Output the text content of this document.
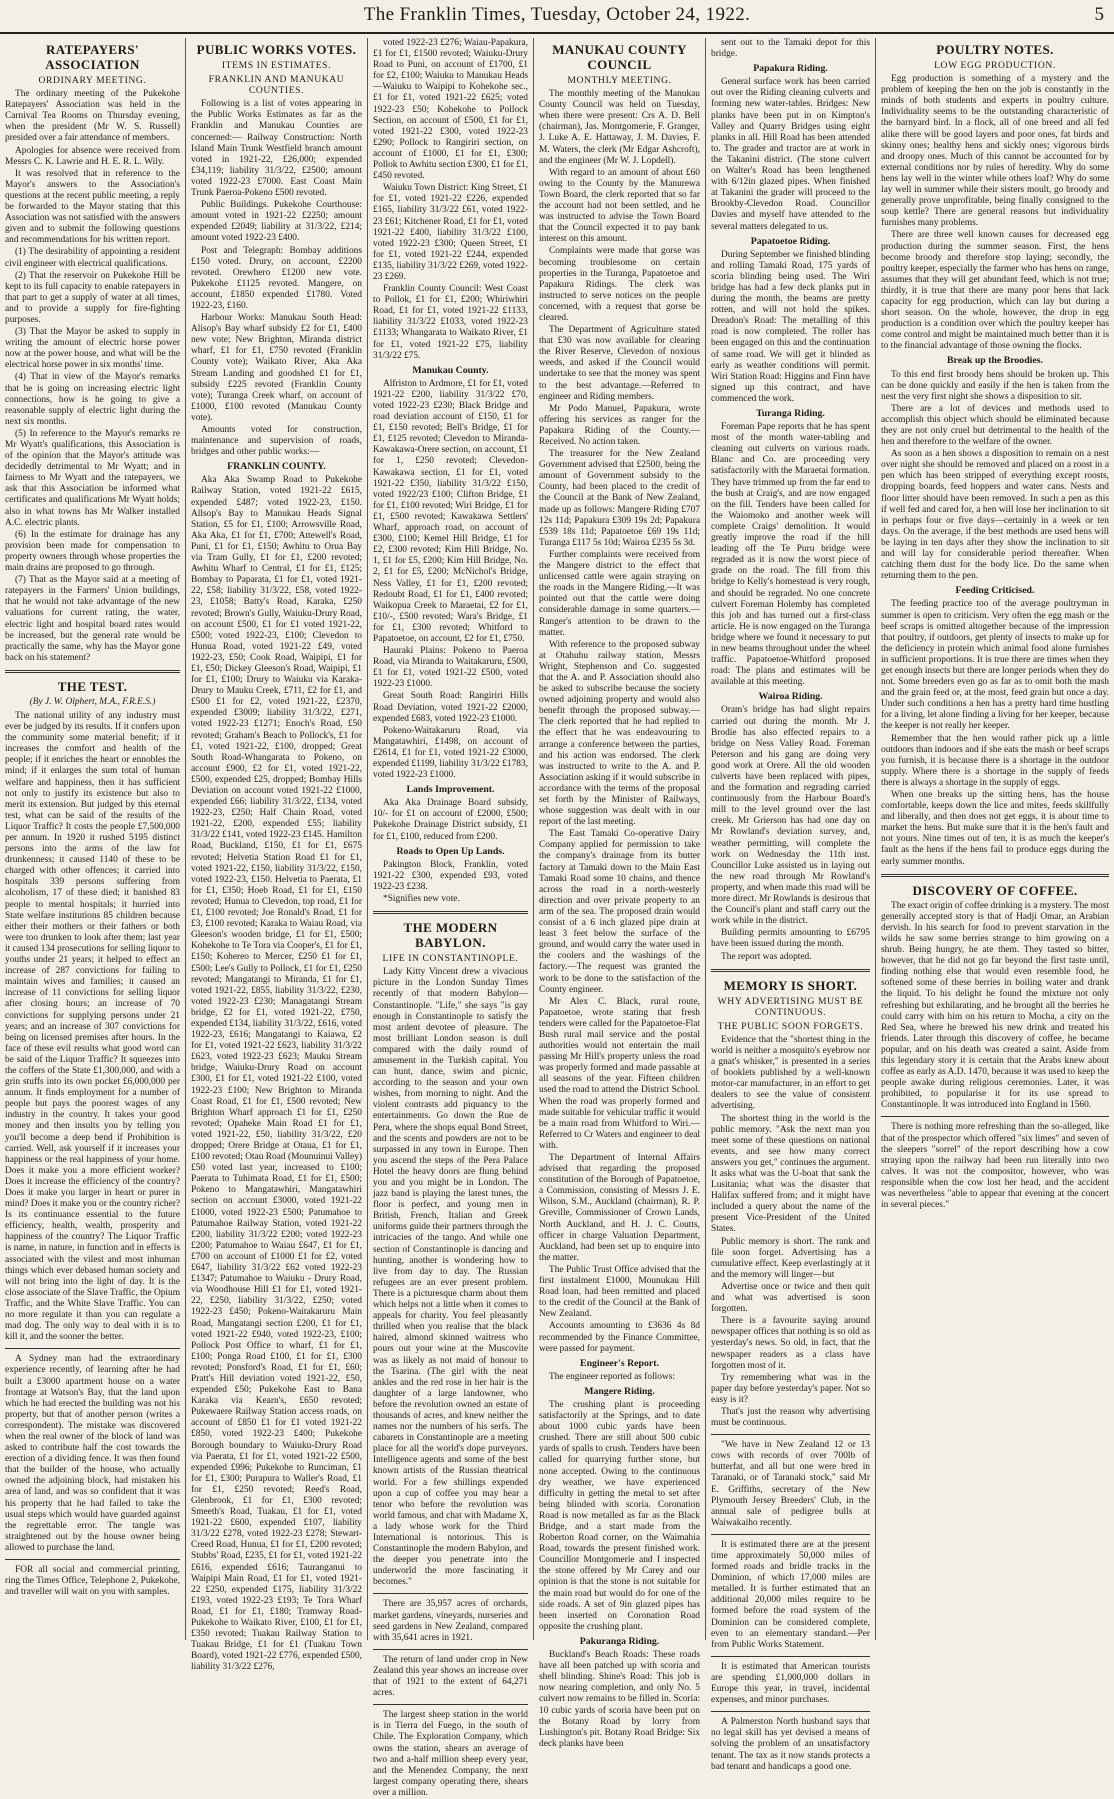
The Franklin Times, Tuesday, October 24, 1922.	5
RATEPAYERS' ASSOCIATION
ORDINARY MEETING.

The ordinary meeting of the Pukekohe Ratepayers' Association was held in the Carnival Tea Rooms on Thursday evening, when the president (Mr W. S. Russell) presided over a fair attendance of members.

Apologies for absence were received from Messrs C. K. Lawrie and H. E. R. L. Wily.

It was resolved that in reference to the Mayor's answers to the Association's questions at the recent public meeting, a reply be forwarded to the Mayor stating that this Association was not satisfied with the answers given and to submit the following questions and recommendations for his written report.

(1) The desirability of appointing a resident civil engineer with electrical qualifications.

(2) That the reservoir on Pukekohe Hill be kept to its full capacity to enable ratepayers in that part to get a supply of water at all times, and to provide a supply for fire-fighting purposes.

(3) That the Mayor be asked to supply in writing the amount of electric horse power now at the power house, and what will be the electrical horse power in six months' time.

(4) That in view of the Mayor's remarks that he is going on increasing electric light connections, how is he going to give a reasonable supply of electric light during the next six months.

(5) In reference to the Mayor's remarks re Mr Wyatt's qualifications, this Association is of the opinion that the Mayor's attitude was decidedly detrimental to Mr Wyatt; and in fairness to Mr Wyatt and the ratepayers, we ask that this Association be informed what certificates and qualifications Mr Wyatt holds; also in what towns has Mr Walker installed A.C. electric plants.

(6) In the estimate for drainage has any provision been made for compensation to property owners through whose properties the main drains are proposed to go through.

(7) That as the Mayor said at a meeting of ratepayers in the Farmers' Union buildings, that he would not take advantage of the new valuations for current rating, the water, electric light and hospital board rates would be increased, but the general rate would be practically the same, why has the Mayor gone back on his statement?

THE TEST.
(By J. W. Olphert, M.A., F.R.E.S.)

The national utility of any industry must ever be judged by its results. If it confers upon the community some material benefit; if it increases the comfort and health of the people; if it enriches the heart or ennobles the mind; if it enlarges the sum total of human welfare and happiness, then it has sufficient not only to justify its existence but also to merit its extension. But judged by this eternal test, what can be said of the results of the Liquor Traffic? It costs the people £7,500,000 per annum. In 1920 it rushed 5195 distinct persons into the arms of the law for drunkenness; it caused 1140 of these to be charged with other offences; it carried into hospitals 339 persons suffering from alcoholism, 17 of these died; it banished 83 people to mental hospitals; it hurried into State welfare institutions 85 children because either their mothers or their fathers or both were too drunken to look after them; last year it caused 134 prosecutions for selling liquor to youths under 21 years; it helped to effect an increase of 287 convictions for failing to maintain wives and families; it caused an increase of 11 convictions for selling liquor after closing hours; an increase of 70 convictions for supplying persons under 21 years; and an increase of 307 convictions for being on licensed premises after hours. In the face of these evil results what good word can be said of the Liquor Traffic? It squeezes into the coffers of the State £1,300,000, and with a grin stuffs into its own pocket £6,000,000 per annum. It finds employment for a number of people but pays the poorest wages of any industry in the country. It takes your good money and then insults you by telling you you'll become a deep bend if Prohibition is carried. Well, ask yourself if it increases your happiness or the real happiness of your home. Does it make you a more efficient worker? Does it increase the efficiency of the country? Does it make you larger in heart or purer in mind? Does it make you or the country richer? Is its continuance essential to the future efficiency, health, wealth, prosperity and happiness of the country? The Liquor Traffic is name, in nature, in function and in effects is associated with the vilest and most inhuman things which ever debased human society and will not bring into the light of day. It is the close associate of the Slave Traffic, the Opium Traffic, and the White Slave Traffic. You can no more regulate it than you can regulate a mad dog. The only way to deal with it is to kill it, and the sooner the better.

A Sydney man had the extraordinary experience recently, of learning after he had built a £3000 apartment house on a water frontage at Watson's Bay, that the land upon which he had erected the building was not his property, but that of another person (writes a correspondent). The mistake was discovered when the real owner of the block of land was asked to contribute half the cost towards the erection of a dividing fence. It was then found that the builder of the house, who actually owned the adjoining block, had mistaken his area of land, and was so confident that it was his property that he had failed to take the usual steps which would have guarded against the regrettable error. The tangle was straightened out by the house owner being allowed to purchase the land.

FOR all social and commercial printing, ring the Times Office, Telephone 2, Pukekohe, and traveller will wait on you with samples.

PUBLIC WORKS VOTES.
ITEMS IN ESTIMATES.
FRANKLIN AND MANUKAU COUNTIES.

Following is a list of votes appearing in the Public Works Estimates as far as the Franklin and Manukau Counties are concerned:— Railway Construction: North Island Main Trunk Westfield branch amount voted in 1921-22, £26,000; expended £34,119; liability 31/3/22, £2500; amount voted 1922-23 £7000. East Coast Main Trunk Paeroa-Pokeno £500 revoted.

Public Buildings. Pukekohe Courthouse: amount voted in 1921-22 £2250; amount expended £2049; liability at 31/3/22, £214; amount voted 1922-23 £400.

Post and Telegraph: Bombay additions £150 voted. Drury, on account, £2200 revoted. Orewhero £1200 new vote. Pukekohe £1125 revoted. Mangere, on account, £1850 expended £1780. Voted 1922-23, £160.

Harbour Works: Manukau South Head: Alisop's Bay wharf subsidy £2 for £1, £400 new vote; New Brighton, Miranda district wharf, £1 for £1, £750 revoted (Franklin County vote); Waikato River, Aka Aka Stream Landing and goodshed £1 for £1, subsidy £225 revoted (Franklin County vote); Turanga Creek wharf, on account of £1000, £100 revoted (Manukau County vote).

Amounts voted for construction, maintenance and supervision of roads, bridges and other public works:—

FRANKLIN COUNTY.

Aka Aka Swamp Road to Pukekohe Railway Station, voted 1921-22 £615, expended £487; voted 1922-23, £150. Allsop's Bay to Manukau Heads Signal Station, £5 for £1, £100; Arrowsville Road, Aka Aka, £1 for £1, £700; Attewell's Road, Puni, £1 for £1, £150; Awhitu to Orua Bay via Tram Gully, £1 for £1, £200 revoted; Awhitu Wharf to Central, £1 for £1, £125; Bombay to Paparata, £1 for £1, voted 1921-22, £58; liability 31/3/22, £58, voted 1922-23, £1058; Batty's Road, Karaka, £250 revoted; Brown's Gully, Waiuku-Drury Road, on account £500, £1 for £1 voted 1921-22, £500; voted 1922-23, £100; Clevedon to Hunua Road, voted 1921-22 £49, voted 1922-23, £50; Cook Road, Waipipi, £1 for £1, £50; Dickey Gleeson's Road, Waipipi, £1 for £1, £100; Drury to Waiuku via Karaka-Drury to Mauku Creek, £711, £2 for £1, and £500 £1 for £2, voted 1921-22, £2370, expended £3009; liability 31/3/22, £271, voted 1922-23 £1271; Enoch's Road, £50 revoted; Graham's Beach to Pollock's, £1 for £1, voted 1921-22, £100, dropped; Great South Road-Whangarata to Pokeno, on account £900, £2 for £1, voted 1921-22, £500, expended £25, dropped; Bombay Hills Deviation on account voted 1921-22 £1000, expended £66; liability 31/3/22, £134, voted 1922-23, £250; Half Chain Road, voted 1921-22, £200, expended £55; liability 31/3/22 £141, voted 1922-23 £145. Hamilton Road, Buckland, £150, £1 for £1, £675 revoted; Helvetia Station Road £1 for £1, voted 1921-22, £150, liability 31/3/22, £150, voted 1922-23, £150. Helvetia to Paerata, £1 for £1, £350; Hoeb Road, £1 for £1, £150 revoted; Hunua to Clevedon, top road, £1 for £1, £100 revoted; Joe Ronald's Road, £1 for £3, £100 revoted; Karaka to Waiau Road, via Gleeson's wooden bridge, £1 for £1, £500; Kohekohe to Te Tora via Cooper's, £1 for £1, £150; Kohereo to Mercer, £250 £1 for £1, £500; Lee's Gully to Pollock, £1 for £1, £250 revoted; Mangatangi to Miranda, £1 for £1, voted 1921-22, £855, liability 31/3/22, £230, voted 1922-23 £230; Managatangi Stream bridge, £2 for £1, voted 1921-22, £750, expended £134, liability 31/3/22, £616, voted 1922-23, £616; Mangatangi to Kaiawa, £2 for £1, voted 1921-22 £623, liability 31/3/22 £623, voted 1922-23 £623; Mauku Stream bridge, Waiuku-Drury Road on account £300, £1 for £1, voted 1921-22 £100, voted 1922-23 £100; New Brighton to Miranda Coast Road, £1 for £1, £500 revoted; New Brighton Wharf approach £1 for £1, £250 revoted; Opaheke Main Road £1 for £1, voted 1921-22, £50, liability 31/3/22, £20 dropped; Orere Bridge at Otaua, £1 for £1, £100 revoted; Otau Road (Mounuinui Valley) £50 voted last year, increased to £100; Paerata to Tuhimata Road, £1 for £1, £500; Pokeno to Mangatawhiri, Mangatawhiri section on account £3000, voted 1921-22 £1000, voted 1922-23 £500; Patumahoe to Patumahoe Railway Station, voted 1921-22 £200, liability 31/3/22 £200; voted 1922-23 £200; Patumahoe to Waiau £647, £1 for £1, £700 on account of £1000 £1 for £2, voted £647, liability 31/3/22 £62 voted 1922-23 £1347; Patumahoe to Waiuku - Drury Road, via Woodhouse Hill £1 for £1, voted 1921-22, £250, liability 31/3/22, £250; voted 1922-23 £450; Pokeno-Waitakaruru Main Road, Mangatangi section £200, £1 for £1, voted 1921-22 £940, voted 1922-23, £100; Pollock Post Office to wharf, £1 for £1, £100; Ponga Road £100, £1 for £1, £300 revoted; Ponsford's Road, £1 for £1, £60; Pratt's Hill deviation voted 1921-22, £50, expended £50; Pukekohe East to Bana Karaka via Kearn's, £650 revoted; Pukewaere Railway Station access roads, on account of £850 £1 for £1 voted 1921-22 £850, voted 1922-23 £400; Pukekohe Borough boundary to Waiuku-Drury Road via Paerata, £1 for £1, voted 1921-22 £500, expended £996; Pukekohe to Runciman, £1 for £1, £300; Purapura to Waller's Road, £1 for £1, £250 revoted; Reed's Road, Glenbrook, £1 for £1, £300 revoted; Smeeth's Road, Tuakau, £1 for £1, voted 1921-22 £600, expended £107, liability 31/3/22 £278, voted 1922-23 £278; Stewart-Creed Road, Hunua, £1 for £1, £200 revoted; Stubbs' Road, £235, £1 for £1, voted 1921-22 £616, expended £616; Tauranganui to Waipipi Main Road, £1 for £1, voted 1921-22 £250, expended £175, liability 31/3/22 £193, voted 1922-23 £193; Te Tora Wharf Road, £1 for £1, £180; Tramway Road-Pukekohe to Waikato River, £100, £1 for £1, £350 revoted; Tuakau Railway Station to Tuakau Bridge, £1 for £1 (Tuakau Town Board), voted 1921-22 £776, expended £500, liability 31/3/22 £276,

voted 1922-23 £276; Waiau-Papakura, £1 for £1, £1500 revoted; Waiuku-Drury Road to Puni, on account of £1700, £1 for £2, £100; Waiuku to Manukau Heads—Waiuku to Waipipi to Kohekohe sec., £1 for £1, voted 1921-22 £625; voted 1922-23 £50; Kohekohe to Pollock Section, on account of £500, £1 for £1, voted 1921-22 £300, voted 1922-23 £290; Pollock to Rangiriri section, on account of £1000, £1 for £1, £300; Pollok to Awhitu section £300, £1 for £1, £450 revoted.

Waiuku Town District: King Street, £1 for £1, voted 1921-22 £226, expended £165, liability 31/3/22 £61, voted 1922-23 £61; Kitchener Road, £1 for £1, voted 1921-22 £400, liability 31/3/22 £100, voted 1922-23 £300; Queen Street, £1 for £1, voted 1921-22 £244, expended £135, liability 31/3/22 £269, voted 1922-23 £269.

Franklin County Council: West Coast to Pollok, £1 for £1, £200; Whiriwhiri Road, £1 for £1, voted 1921-22 £1133, liability 31/3/22 £1033, voted 1922-23 £1133; Whangarata to Waikato River, £1 for £1, voted 1921-22 £75, liability 31/3/22 £75.

Manukau County.

Alfriston to Ardmore, £1 for £1, voted 1921-22 £200, liability 31/3/22 £70, voted 1922-23 £230; Black Bridge and road deviation account of £150, £1 for £1, £150 revoted; Bell's Bridge, £1 for £1, £125 revoted; Clevedon to Miranda-Kawakawa-Orere section, on account, £1 for 1, £250 revoted; Clevedon-Kawakawa section, £1 for £1, voted 1921-22 £350, liability 31/3/22 £150, voted 1922/23 £100; Clifton Bridge, £1 for £1, £100 revoted; Wiri Bridge, £1 for £1, £500 revoted; Kawakawa Settlers' Wharf, approach road, on account of £300, £100; Kemel Hill Bridge, £1 for £2, £300 revoted; Kim Hill Bridge, No. 1, £1 for £5, £200; Kim Hill Bridge, No. 2, £1 for £5, £200; McNichol's Bridge, Ness Valley, £1 for £1, £200 revoted; Redoubt Road, £1 for £1, £400 revoted; Waikopua Creek to Maraetai, £2 for £1, £10/-, £500 revoted; Wara's Bridge, £1 for £1, £300 revoted; Whitford to Papatoetoe, on account, £2 for £1, £750.

Hauraki Plains: Pokeno to Paeroa Road, via Miranda to Waitakaruru, £500, £1 for £1, voted 1921-22 £500, voted 1922-23 £1000.

Great South Road: Rangiriri Hills Road Deviation, voted 1921-22 £2000, expended £683, voted 1922-23 £1000.

Pokeno-Waitakaruru Road, via Mangatawhiri, £1498, on account of £2614, £1 for £1, voted 1921-22 £3000, expended £1199, liability 31/3/22 £1783, voted 1922-23 £1000.

Lands Improvement.

Aka Aka Drainage Board subsidy, 10/- for £1 on account of £2000, £500; Pukekohe Drainage District subsidy, £1 for £1, £100, reduced from £200.

Roads to Open Up Lands.

Pakington Block, Franklin, voted 1921-22 £300, expended £93, voted 1922-23 £238.

*Signifies new vote.

THE MODERN BABYLON.
LIFE IN CONSTANTINOPLE.

Lady Kitty Vincent drew a vivacious picture in the London Sunday Times recently of that modern Babylon—Constantinople. "Life," she says "is gay enough in Constantinople to satisfy the most ardent devotee of pleasure. The most brilliant London season is dull compared with the daily round of amusement in the Turkish capital. You can hunt, dance, swim and picnic, according to the season and your own wishes, from morning to night. And the violent contrasts add piquancy to the entertainments. Go down the Rue de Pera, where the shops equal Bond Street, and the scents and powders are not to be surpassed in any town in Europe. Then you ascend the steps of the Pera Palace Hotel the heavy doors are flung behind you and you might be in London. The jazz band is playing the latest tunes, the floor is perfect, and young men in British, French, Italian and Greek uniforms guide their partners through the intricacies of the tango. And while one section of Constantinople is dancing and hunting, another is wondering how to live from day to day. The Russian refugees are an ever present problem. There is a picturesque charm about them which helps not a little when it comes to appeals for charity. You feel pleasantly thrilled when you realise that the black haired, almond skinned waitress who pours out your wine at the Muscovite was as likely as not maid of honour to the Tsarina. (The girl with the neat ankles and the red rose in her hair is the daughter of a large landowner, who before the revolution owned an estate of thousands of acres, and knew neither the names nor the numbers of his serfs. The cabarets in Constantinople are a meeting place for all the world's dope purveyors. Intelligence agents and some of the best known artists of the Russian theatrical world. For a few shillings expended upon a cup of coffee you may hear a tenor who before the revolution was world famous, and chat with Madame X, a lady whose work for the Third International is notorious. This is Constantinople the modern Babylon, and the deeper you penetrate into the underworld the more fascinating it becomes."

There are 35,957 acres of orchards, market gardens, vineyards, nurseries and seed gardens in New Zealand, compared with 35,641 acres in 1921.

The return of land under crop in New Zealand this year shows an increase over that of 1921 to the extent of 64,271 acres.

The largest sheep station in the world is in Tierra del Fuego, in the south of Chile. The Exploration Company, which owns the station, shears an average of two and a-half million sheep every year, and the Menendez Company, the next largest company operating there, shears over a million.

MANUKAU COUNTY COUNCIL
MONTHLY MEETING.

The monthly meeting of the Manukau County Council was held on Tuesday, when there were present: Crs A. D. Bell (chairman), Jas. Montgomerie, F. Granger, J. Luke A. E. Hattaway, J. M. Davies, F. M. Waters, the clerk (Mr Edgar Ashcroft), and the engineer (Mr W. J. Lopdell).

With regard to an amount of about £60 owing to the County by the Manurewa Town Board, the clerk reported that so far the account had not been settled, and he was instructed to advise the Town Board that the Council expected it to pay bank interest on this amount.

Complaints were made that gorse was becoming troublesome on certain properties in the Turanga, Papatoetoe and Papakura Ridings. The clerk was instructed to serve notices on the people concerned, with a request that gorse be cleared.

The Department of Agriculture stated that £30 was now available for clearing the River Reserve, Clevedon of noxious weeds, and asked if the Council would undertake to see that the money was spent to the best advantage.—Referred to engineer and Riding members.

Mr Podo Manuel, Papakura, wrote offering his services as ranger for the Papakura Riding of the County.—Received. No action taken.

The treasurer for the New Zealand Government advised that £2500, being the amount of Government subsidy to the County, had been placed to the credit of the Council at the Bank of New Zealand, made up as follows: Mangere Riding £707 12s 11d; Papakura £309 19s 2d; Papakura £539 18s 11d; Papatoetoe £69 19s 11d; Turanga £117 5s 10d; Wairoa £235 5s 3d.

Further complaints were received from the Mangere district to the effect that unlicensed cattle were again straying on the roads in the Mangere Riding.—It was pointed out that the cattle were doing considerable damage in some quarters.—Ranger's attention to be drawn to the matter.

With reference to the proposed subway at Otahuhu railway station, Messrs Wright, Stephenson and Co. suggested that the A. and P. Association should also be asked to subscribe because the society owned adjoining property and would also benefit through the proposed subway.—The clerk reported that he had replied to the effect that he was endeavouring to arrange a conference between the parties, and his action was endorsed. The clerk was instructed to write to the A. and P. Association asking if it would subscribe in accordance with the terms of the proposal set forth by the Minister of Railways, whose suggestion was dealt with in our report of the last meeting.

The East Tamaki Co-operative Dairy Company applied for permission to take the company's drainage from its butter factory at Tamaki down to the Main East Tamaki Road some 10 chains, and thence across the road in a north-westerly direction and over private property to an arm of the sea. The proposed drain would consist of a 6 inch glazed pipe drain at least 3 feet below the surface of the ground, and would carry the water used in the coolers and the washings of the factory.—The request was granted the work to be done to the satisfaction of the County engineer.

Mr Alex C. Black, rural route, Papatoetoe, wrote stating that fresh tenders were called for the Papatoetoe-Flat Bush rural mail service and the postal authorities would not entertain the mail passing Mr Hill's property unless the road was properly formed and made passable at all seasons of the year. Fifteen children used the road to attend the District School. When the road was properly formed and made suitable for vehicular traffic it would be a main road from Whitford to Wiri.—Referred to Cr Waters and engineer to deal with.

The Department of Internal Affairs advised that regarding the proposed constitution of the Borough of Papatoetoe, a Commission, consisting of Messrs J. E. Wilson, S.M., Auckland (chairman), R. P. Greville, Commissioner of Crown Lands, North Auckland, and H. J. C. Coutts, officer in charge Valuation Department, Auckland, had been set up to enquire into the matter.

The Public Trust Office advised that the first instalment £1000, Mounukau Hill Road loan, had been remitted and placed to the credit of the Council at the Bank of New Zealand.

Accounts amounting to £3636 4s 8d recommended by the Finance Committee, were passed for payment.

Engineer's Report.

The engineer reported as follows:

Mangere Riding.

The crushing plant is proceeding satisfactorily at the Springs, and to date about 1000 cubic yards have been crushed. There are still about 500 cubic yards of spalls to crush. Tenders have been called for quarrying further stone, but none accepted. Owing to the continuous dry weather, we have experienced difficulty in getting the metal to set after being blinded with scoria. Coronation Road is now metalled as far as the Black Bridge, and a start made from the Roberton Road corner, on the Waimahia Road, towards the present finished work. Councillor Montgomerie and I inspected the stone offered by Mr Carey and our opinion is that the stone is not suitable for the main road but would do for one of the side roads. A set of 9in glazed pipes has been inserted on Coronation Road opposite the crushing plant.

Pakuranga Riding.

Buckland's Beach Roads: These roads have all been patched up with scoria and shell blinding. Shine's Road: This job is now nearing completion, and only No. 5 culvert now remains to be filled in. Scoria: 10 cubic yards of scoria have been put on the Botany Road by lorry from Lushington's pit. Botany Road Bridge: Six deck planks have been

sent out to the Tamaki depot for this bridge.

Papakura Riding.

General surface work has been carried out over the Riding cleaning culverts and forming new water-tables. Bridges: New planks have been put in on Kimpton's Valley and Quarry Bridges using eight planks in all. Hill Road has been attended to. The grader and tractor are at work in the Takanini district. (The stone culvert on Walter's Road has been lengthened with 6/12in glazed pipes. When finished at Takanini the grader will proceed to the Brookby-Clevedon Road. Councillor Davies and myself have attended to the several matters delegated to us.

Papatoetoe Riding.

During September we finished blinding and rolling Tamaki Road, 175 yards of scoria blinding being used. The Wiri bridge has had a few deck planks put in during the month, the beams are pretty rotten, and will not hold the spikes. Dreadon's Road: The metalling of this road is now completed. The roller has been engaged on this and the continuation of same road. We will get it blinded as early as weather conditions will permit. Wiri Station Road: Higgins and Finn have signed up this contract, and have commenced the work.

Turanga Riding.

Foreman Pape reports that he has spent most of the month water-tabling and cleaning out culverts on various roads. Blanc and Co. are proceeding very satisfactorily with the Maraetai formation. They have trimmed up from the far end to the bush at Craig's, and are now engaged on the fill. Tenders have been called for the Waiomoko and another week will complete Craigs' demolition. It would greatly improve the road if the hill leading off the Te Puru bridge were regraded as it is now the worst piece of grade on the road. The fill from this bridge to Kelly's homestead is very rough, and should be regraded. No one concrete culvert Foreman Holemby has completed this job and has turned out a first-class article. He is now engaged on the Turanga bridge where we found it necessary to put in new beams throughout under the wheel traffic. Papatoetoe-Whitford proposed road: The plans and estimates will be available at this meeting.

Wairoa Riding.

Oram's bridge has had slight repairs carried out during the month. Mr J. Brodie has also effected repairs to a bridge on Ness Valley Road. Foreman Peterson and his gang are doing very good work at Orere. All the old wooden culverts have been replaced with pipes, and the formation and regrading carried continuously from the Harbour Board's mill to the level ground over the last creek. Mr Grierson has had one day on Mr Rowland's deviation survey, and, weather permitting, will complete the work on Wednesday the 11th inst. Councillor Luke assisted us in laying out the new road through Mr Rowland's property, and when made this road will be more direct. Mr Rowlands is desirous that the Council's plant and staff carry out the work while in the district.

Building permits amounting to £6795 have been issued during the month.

The report was adopted.

MEMORY IS SHORT.
WHY ADVERTISING MUST BE CONTINUOUS.
THE PUBLIC SOON FORGETS.

Evidence that the "shortest thing in the world is neither a mosquito's eyebrow nor a gnat's whisker," is presented in a series of booklets published by a well-known motor-car manufacturer, in an effort to get dealers to see the value of consistent advertising.

The shortest thing in the world is the public memory. "Ask the next man you meet some of these questions on national events, and see how many correct answers you get," continues the argument. It asks what was the U-boat that sank the Lusitania; what was the disaster that Halifax suffered from; and it might have included a query about the name of the present Vice-President of the United States.

Public memory is short. The rank and file soon forget. Advertising has a cumulative effect. Keep everlastingly at it and the memory will linger—but

Advertise once or twice and then quit and what was advertised is soon forgotten.

There is a favourite saying around newspaper offices that nothing is so old as yesterday's news. So old, in fact, that the newspaper readers as a class have forgotten most of it.

Try remembering what was in the paper day before yesterday's paper. Not so easy is it?

That's just the reason why advertising must be continuous.

"We have in New Zealand 12 or 13 cows with records of over 700lb of butterfat, and all but one were bred in Taranaki, or of Taranaki stock," said Mr E. Griffiths, secretary of the New Plymouth Jersey Breeders' Club, in the annual sale of pedigree bulls at Waiwakaiho recently.

It is estimated there are at the present time approximately 50,000 miles of formed roads and bridle tracks in the Dominion, of which 17,000 miles are metalled. It is further estimated that an additional 20,000 miles require to be formed before the road system of the Dominion can be considered complete, even to an elementary standard.—Per from Public Works Statement.

It is estimated that American tourists are spending £1,000,000 dollars in Europe this year, in travel, incidental expenses, and minor purchases.

A Palmerston North husband says that no legal skill has yet devised a means of solving the problem of an unsatisfactory tenant. The tax as it now stands protects a bad tenant and handicaps a good one.

POULTRY NOTES.
LOW EGG PRODUCTION.

Egg production is something of a mystery and the problem of keeping the hen on the job is constantly in the minds of both students and experts in poultry culture. Individuality seems to be the outstanding characteristic of the barnyard bird. In a flock, all of one breed and all fed alike there will be good layers and poor ones, fat birds and skinny ones; healthy hens and sickly ones; vigorous birds and droopy ones. Much of this cannot be accounted for by external conditions nor by rules of heredity. Why do some hens lay well in the winter while others loaf? Why do some lay well in summer while their sisters moult, go broody and generally prove unprofitable, being finally consigned to the soup kettle? There are general reasons but individuality furnishes many problems.

There are three well known causes for decreased egg production during the summer season. First, the hens become broody and therefore stop laying; secondly, the poultry keeper, especially the farmer who has hens on range, assumes that they will get abundant feed, which is not true; thirdly, it is true that there are many poor hens that lack capacity for egg production, which can lay but during a short season. On the whole, however, the drop in egg production is a condition over which the poultry keeper has come control and might be maintained much better than it is to the financial advantage of those owning the flocks.

Break up the Broodies.

To this end first broody hens should be broken up. This can be done quickly and easily if the hen is taken from the nest the very first night she shows a disposition to sit.

There are a lot of devices and methods used to accomplish this object which should be eliminated because they are not only cruel but detrimental to the health of the hen and therefore to the welfare of the owner.

As soon as a hen shows a disposition to remain on a nest over night she should be removed and placed on a roost in a pen which has been stripped of everything except roosts, dropping boards, feed hoppers and water cans. Nests and floor litter should have been removed. In such a pen as this if well fed and cared for, a hen will lose her inclination to sit in perhaps four or five days—certainly in a week or ten days. On the average, if the best methods are used hens will be laying in ten days after they show the inclination to sit and will lay for considerable period thereafter. When catching them dust for the body lice. Do the same when returning them to the pen.

Feeding Criticised.

The feeding practice too of the average poultryman in summer is open to criticism. Very often the egg mash or the beef scraps is omitted altogether because of the impression that poultry, if outdoors, get plenty of insects to make up for the deficiency in protein which animal food alone furnishes in sufficient proportions. It is true there are times when they get enough insects but there are longer periods when they do not. Some breeders even go as far as to omit both the mash and the grain feed or, at the most, feed grain but once a day. Under such conditions a hen has a pretty hard time hustling for a living, let alone finding a living for her keeper, because the keeper is not really her keeper.

Remember that the hen would rather pick up a little outdoors than indoors and if she eats the mash or beef scraps you furnish, it is because there is a shortage in the outdoor supply. Where there is a shortage in the supply of feeds there is always a shortage in the supply of eggs.

When one breaks up the sitting hens, has the house comfortable, keeps down the lice and mites, feeds skillfully and liberally, and then does not get eggs, it is about time to market the hens. But make sure that it is the hen's fault and not yours. Nine times out of ten, it is as much the keeper's fault as the hens if the hens fail to produce eggs during the early summer months.

DISCOVERY OF COFFEE.

The exact origin of coffee drinking is a mystery. The most generally accepted story is that of Hadji Omar, an Arabian dervish. In his search for food to prevent starvation in the wilds he saw some berries strange to him growing on a shrub. Being hungry, he ate them. They tasted so bitter, however, that he did not go far beyond the first taste until, finding nothing else that would even resemble food, he softened some of these berries in boiling water and drank the liquid. To his delight he found the mixture not only refreshing but exhilarating, and he brought all the berries he could carry with him on his return to Mocha, a city on the Red Sea, where he brewed his new drink and treated his friends. Later through this discovery of coffee, he became popular, and on his death was created a saint. Aside from this legendary story it is certain that the Arabs knew about coffee as early as A.D. 1470, because it was used to keep the people awake during religious ceremonies. Later, it was prohibited, to popularise it for its use spread to Constantinople. It was introduced into England in 1560.

There is nothing more refreshing than the so-alleged, like that of the prospector which offered "six limes" and seven of the sleepers "sorrel" of the report describing how a cow straying upon the railway had been run literally into two calves. It was not the compositor, however, who was responsible when the cow lost her head, and the accident was nevertheless "able to appear that evening at the concert in several pieces."
